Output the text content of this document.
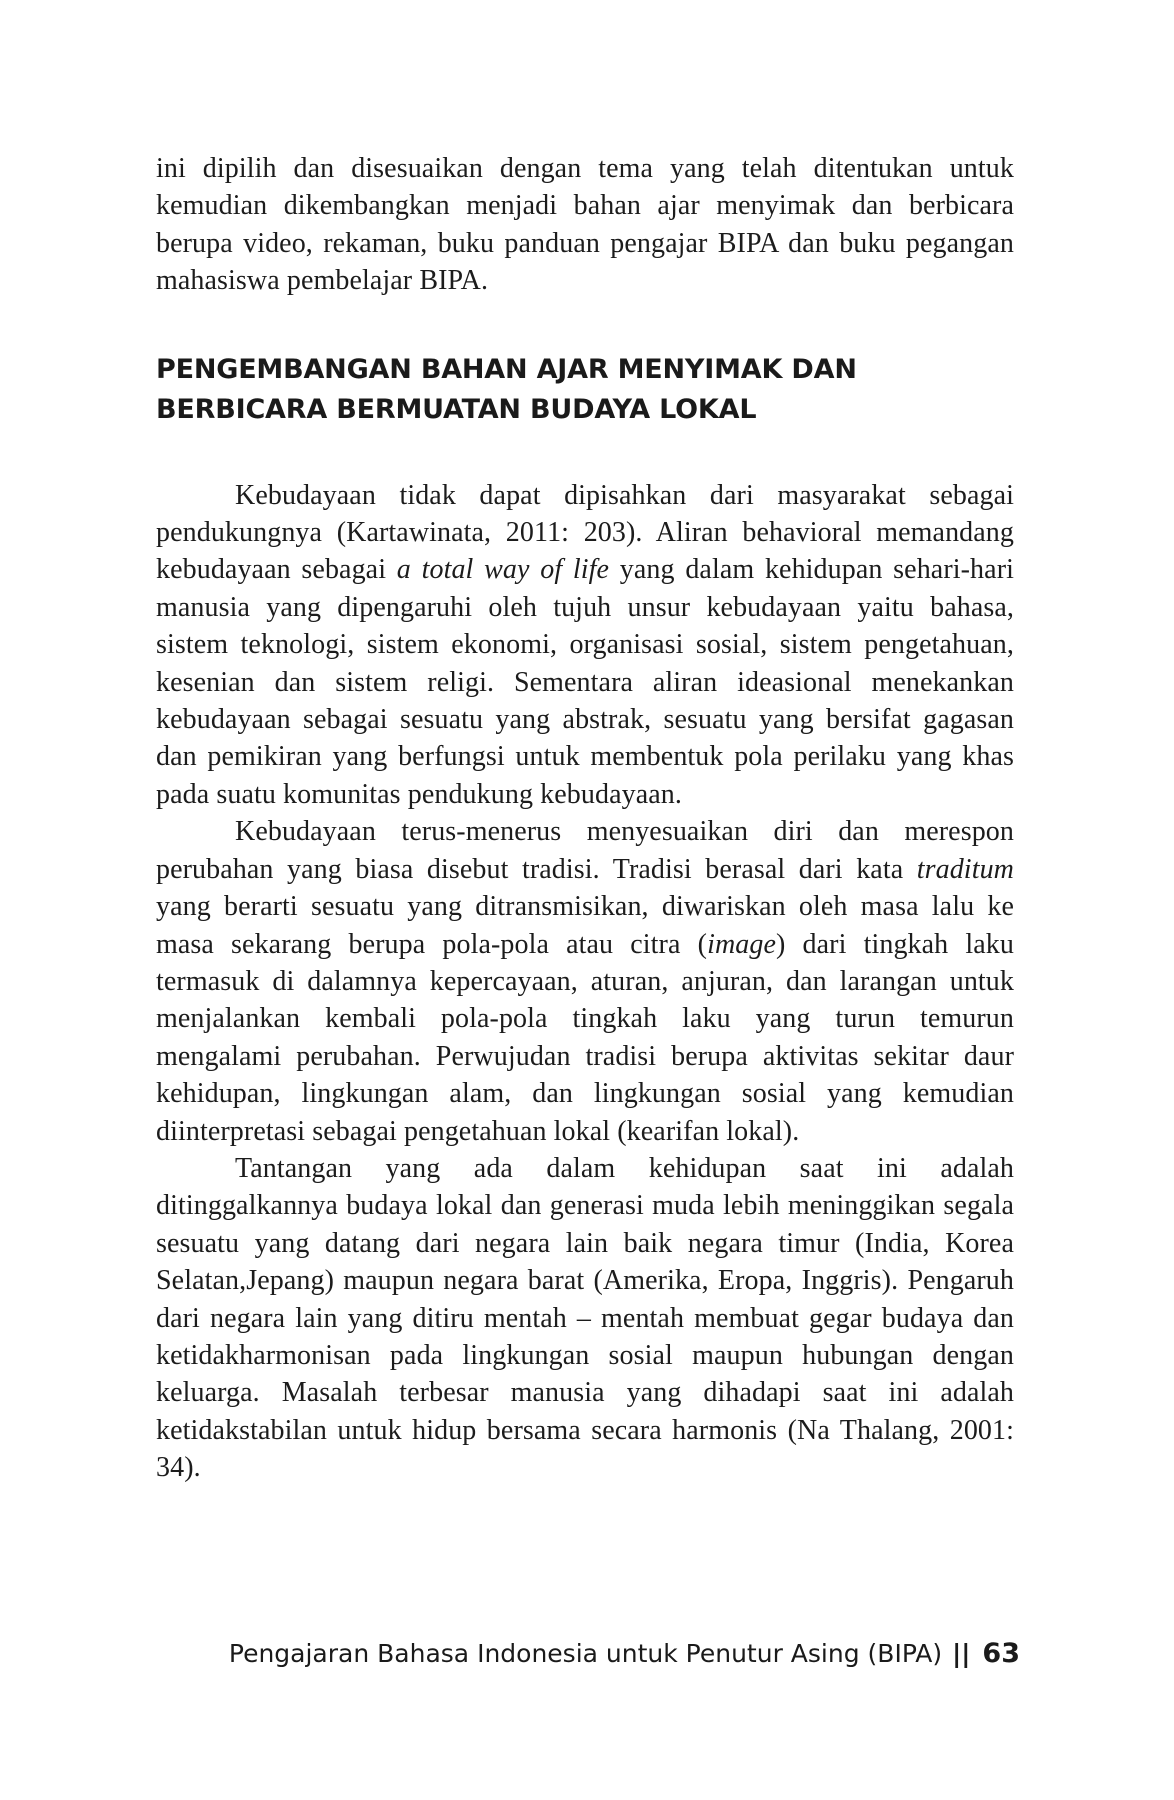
ini dipilih dan disesuaikan dengan tema yang telah ditentukan untuk kemudian dikembangkan menjadi bahan ajar menyimak dan berbicara berupa video, rekaman, buku panduan pengajar BIPA dan buku pegangan mahasiswa pembelajar BIPA.

PENGEMBANGAN BAHAN AJAR MENYIMAK DAN
BERBICARA BERMUATAN BUDAYA LOKAL

Kebudayaan tidak dapat dipisahkan dari masyarakat sebagai pendukungnya (Kartawinata, 2011: 203). Aliran behavioral memandang kebudayaan sebagai a total way of life yang dalam kehidupan sehari-hari manusia yang dipengaruhi oleh tujuh unsur kebudayaan yaitu bahasa, sistem teknologi, sistem ekonomi, organisasi sosial, sistem pengetahuan, kesenian dan sistem religi. Sementara aliran ideasional menekankan kebudayaan sebagai sesuatu yang abstrak, sesuatu yang bersifat gagasan dan pemikiran yang berfungsi untuk membentuk pola perilaku yang khas pada suatu komunitas pendukung kebudayaan.

Kebudayaan terus-menerus menyesuaikan diri dan merespon perubahan yang biasa disebut tradisi. Tradisi berasal dari kata traditum yang berarti sesuatu yang ditransmisikan, diwariskan oleh masa lalu ke masa sekarang berupa pola-pola atau citra (image) dari tingkah laku termasuk di dalamnya kepercayaan, aturan, anjuran, dan larangan untuk menjalankan kembali pola-pola tingkah laku yang turun temurun mengalami perubahan. Perwujudan tradisi berupa aktivitas sekitar daur kehidupan, lingkungan alam, dan lingkungan sosial yang kemudian diinterpretasi sebagai pengetahuan lokal (kearifan lokal).

Tantangan yang ada dalam kehidupan saat ini adalah ditinggalkannya budaya lokal dan generasi muda lebih meninggikan segala sesuatu yang datang dari negara lain baik negara timur (India, Korea Selatan,Jepang) maupun negara barat (Amerika, Eropa, Inggris). Pengaruh dari negara lain yang ditiru mentah – mentah membuat gegar budaya dan ketidakharmonisan pada lingkungan sosial maupun hubungan dengan keluarga. Masalah terbesar manusia yang dihadapi saat ini adalah ketidakstabilan untuk hidup bersama secara harmonis (Na Thalang, 2001: 34).

Pengajaran Bahasa Indonesia untuk Penutur Asing (BIPA) || 63
